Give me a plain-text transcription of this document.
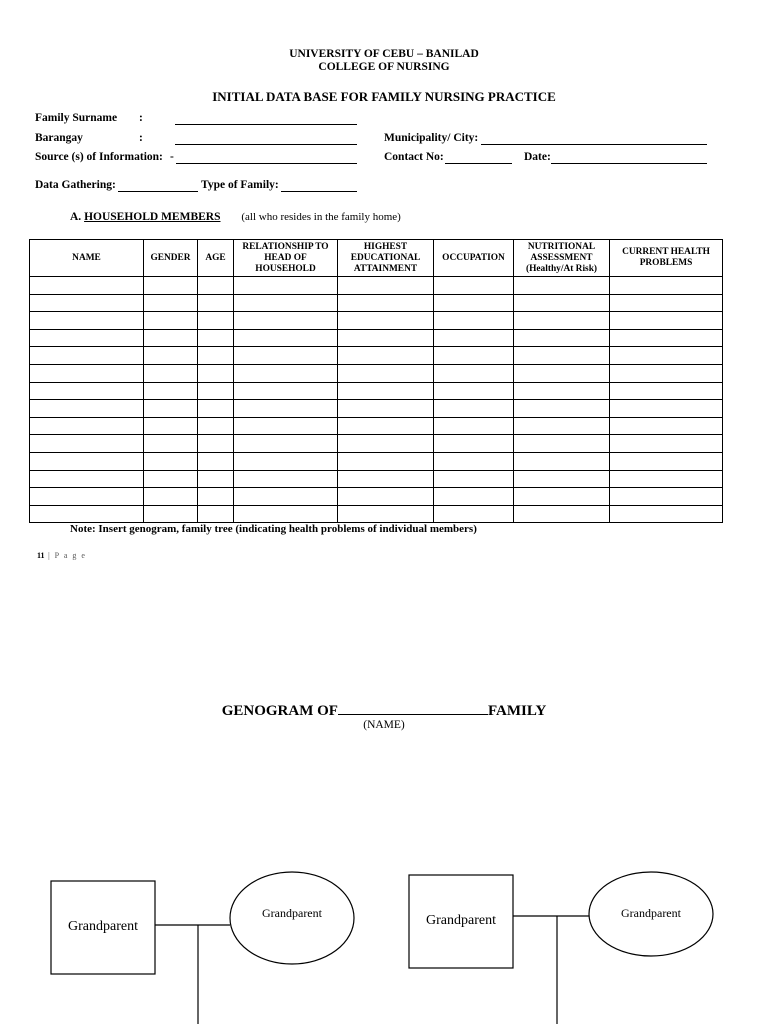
UNIVERSITY OF CEBU – BANILAD
COLLEGE OF NURSING
INITIAL DATA BASE FOR FAMILY NURSING PRACTICE
Family Surname :
Barangay	:	Municipality/ City:
Source (s) of Information: -	Contact No:	Date:
Data Gathering:	Type of Family:
A. HOUSEHOLD MEMBERS (all who resides in the family home)
NAME	GENDER	AGE	RELATIONSHIP TO HEAD OF HOUSEHOLD	HIGHEST EDUCATIONAL ATTAINMENT	OCCUPATION	NUTRITIONAL ASSESSMENT (Healthy/At Risk)	CURRENT HEALTH PROBLEMS

Note: Insert genogram, family tree (indicating health problems of individual members)
11 | P a g e
GENOGRAM OF	FAMILY
(NAME)
Grandparent
Grandparent	Grandparent	Grandparent
